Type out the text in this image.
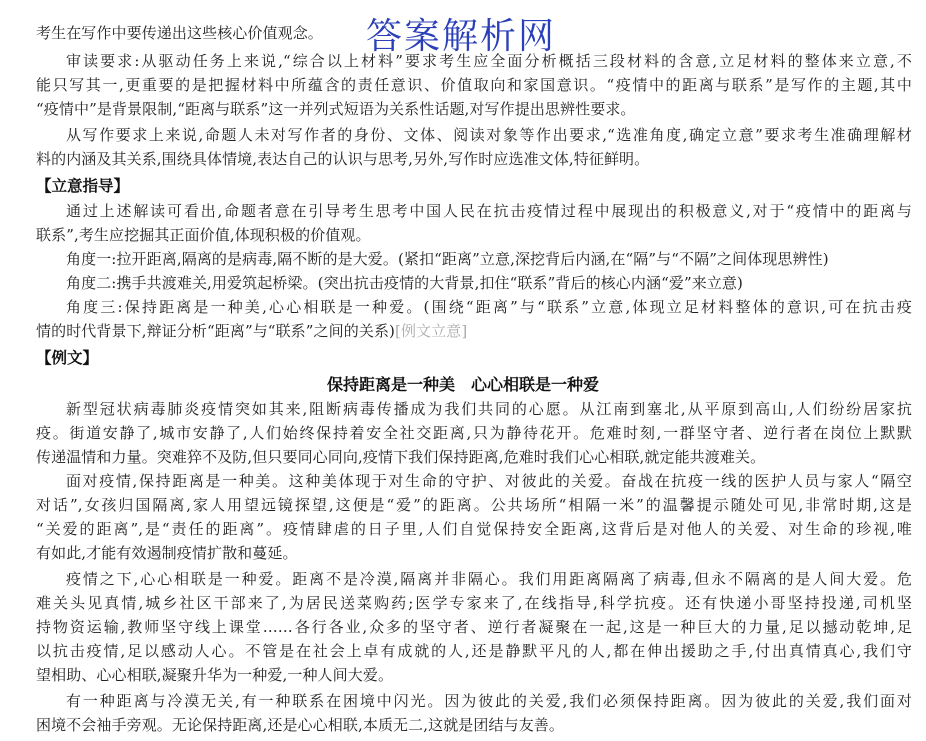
考生在写作中要传递出这些核心价值观念。	答案解析网
审读要求:从驱动任务上来说,“综合以上材料”要求考生应全面分析概括三段材料的含意,立足材料的整体来立意,不
能只写其一,更重要的是把握材料中所蕴含的责任意识、价值取向和家国意识。“疫情中的距离与联系”是写作的主题,其中
“疫情中”是背景限制,“距离与联系”这一并列式短语为关系性话题,对写作提出思辨性要求。
从写作要求上来说,命题人未对写作者的身份、文体、阅读对象等作出要求,“选准角度,确定立意”要求考生准确理解材
料的内涵及其关系,围绕具体情境,表达自己的认识与思考,另外,写作时应选准文体,特征鲜明。
【立意指导】
通过上述解读可看出,命题者意在引导考生思考中国人民在抗击疫情过程中展现出的积极意义,对于“疫情中的距离与
联系”,考生应挖掘其正面价值,体现积极的价值观。
角度一:拉开距离,隔离的是病毒,隔不断的是大爱。(紧扣“距离”立意,深挖背后内涵,在“隔”与“不隔”之间体现思辨性)
角度二:携手共渡难关,用爱筑起桥梁。(突出抗击疫情的大背景,扣住“联系”背后的核心内涵“爱”来立意)
角度三:保持距离是一种美,心心相联是一种爱。(围绕“距离”与“联系”立意,体现立足材料整体的意识,可在抗击疫
情的时代背景下,辩证分析“距离”与“联系”之间的关系)[例文立意]
【例文】
保持距离是一种美　心心相联是一种爱
新型冠状病毒肺炎疫情突如其来,阻断病毒传播成为我们共同的心愿。从江南到塞北,从平原到高山,人们纷纷居家抗
疫。街道安静了,城市安静了,人们始终保持着安全社交距离,只为静待花开。危难时刻,一群坚守者、逆行者在岗位上默默
传递温情和力量。突难猝不及防,但只要同心同向,疫情下我们保持距离,危难时我们心心相联,就定能共渡难关。
面对疫情,保持距离是一种美。这种美体现于对生命的守护、对彼此的关爱。奋战在抗疫一线的医护人员与家人“隔空
对话”,女孩归国隔离,家人用望远镜探望,这便是“爱”的距离。公共场所“相隔一米”的温馨提示随处可见,非常时期,这是
“关爱的距离”,是“责任的距离”。疫情肆虐的日子里,人们自觉保持安全距离,这背后是对他人的关爱、对生命的珍视,唯
有如此,才能有效遏制疫情扩散和蔓延。
疫情之下,心心相联是一种爱。距离不是冷漠,隔离并非隔心。我们用距离隔离了病毒,但永不隔离的是人间大爱。危
难关头见真情,城乡社区干部来了,为居民送菜购药;医学专家来了,在线指导,科学抗疫。还有快递小哥坚持投递,司机坚
持物资运输,教师坚守线上课堂……各行各业,众多的坚守者、逆行者凝聚在一起,这是一种巨大的力量,足以撼动乾坤,足
以抗击疫情,足以感动人心。不管是在社会上卓有成就的人,还是静默平凡的人,都在伸出援助之手,付出真情真心,我们守
望相助、心心相联,凝聚升华为一种爱,一种人间大爱。
有一种距离与冷漠无关,有一种联系在困境中闪光。因为彼此的关爱,我们必须保持距离。因为彼此的关爱,我们面对
困境不会袖手旁观。无论保持距离,还是心心相联,本质无二,这就是团结与友善。
